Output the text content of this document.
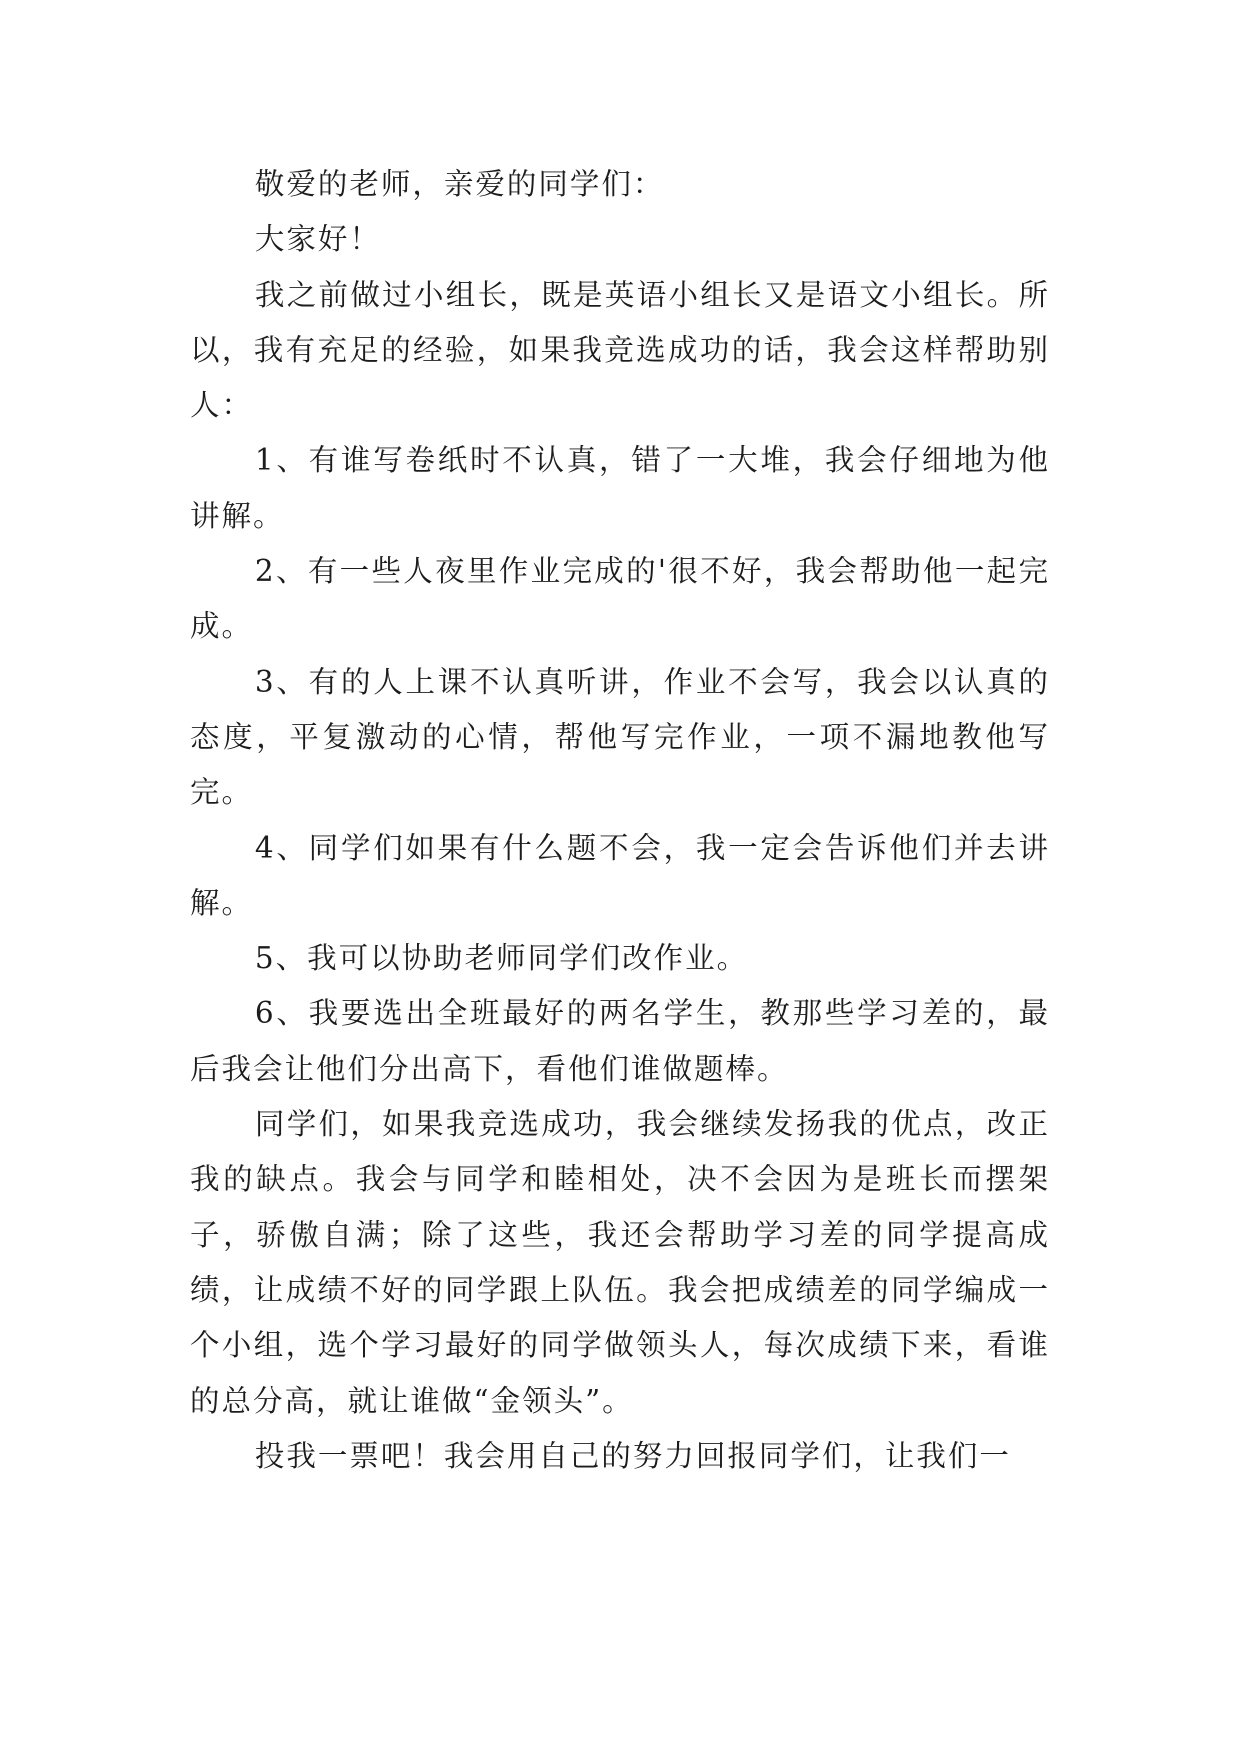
敬爱的老师，亲爱的同学们：

大家好！

我之前做过小组长，既是英语小组长又是语文小组长。所以，我有充足的经验，如果我竞选成功的话，我会这样帮助别人：

1、有谁写卷纸时不认真，错了一大堆，我会仔细地为他讲解。

2、有一些人夜里作业完成的'很不好，我会帮助他一起完成。

3、有的人上课不认真听讲，作业不会写，我会以认真的态度，平复激动的心情，帮他写完作业，一项不漏地教他写完。

4、同学们如果有什么题不会，我一定会告诉他们并去讲解。

5、我可以协助老师同学们改作业。

6、我要选出全班最好的两名学生，教那些学习差的，最后我会让他们分出高下，看他们谁做题棒。

同学们，如果我竞选成功，我会继续发扬我的优点，改正我的缺点。我会与同学和睦相处，决不会因为是班长而摆架子，骄傲自满；除了这些，我还会帮助学习差的同学提高成绩，让成绩不好的同学跟上队伍。我会把成绩差的同学编成一个小组，选个学习最好的同学做领头人，每次成绩下来，看谁的总分高，就让谁做“金领头”。

投我一票吧！我会用自己的努力回报同学们，让我们一
